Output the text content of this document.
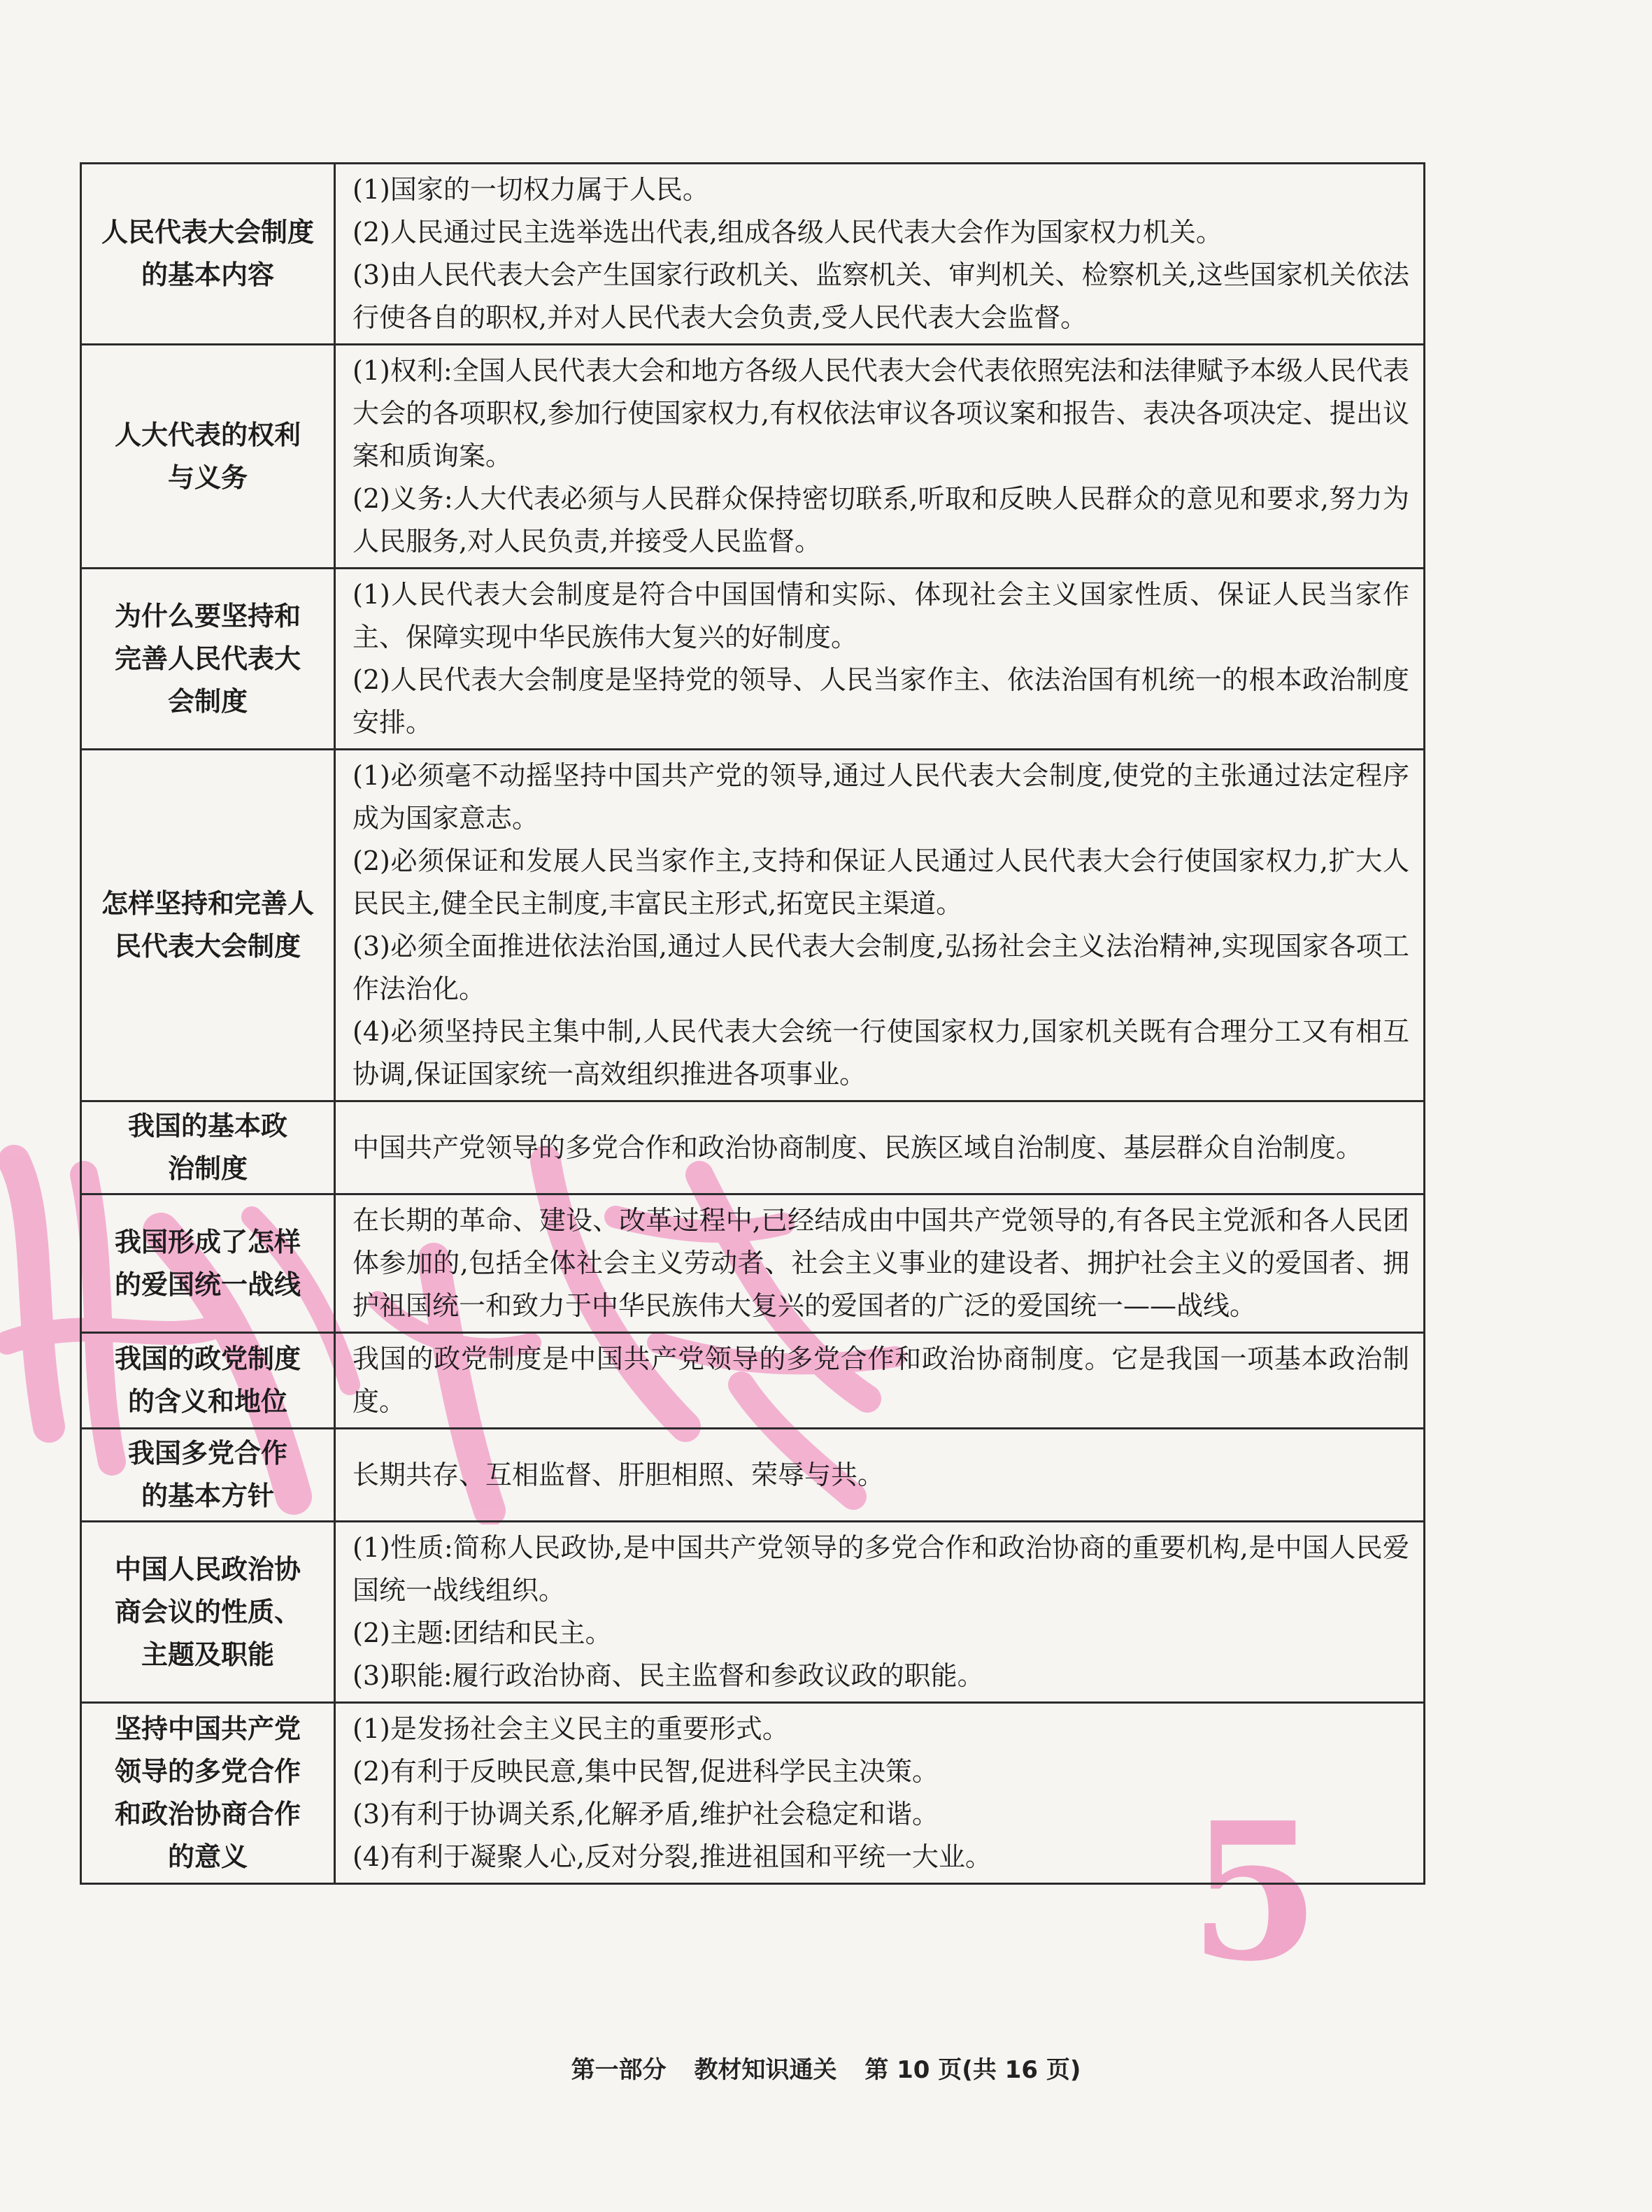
5
人民代表大会制度的基本内容	(1)国家的一切权力属于人民。
(2)人民通过民主选举选出代表,组成各级人民代表大会作为国家权力机关。
(3)由人民代表大会产生国家行政机关、监察机关、审判机关、检察机关,这些国家机关依法行使各自的职权,并对人民代表大会负责,受人民代表大会监督。

人大代表的权利与义务	(1)权利:全国人民代表大会和地方各级人民代表大会代表依照宪法和法律赋予本级人民代表大会的各项职权,参加行使国家权力,有权依法审议各项议案和报告、表决各项决定、提出议案和质询案。
(2)义务:人大代表必须与人民群众保持密切联系,听取和反映人民群众的意见和要求,努力为人民服务,对人民负责,并接受人民监督。

为什么要坚持和完善人民代表大会制度	(1)人民代表大会制度是符合中国国情和实际、体现社会主义国家性质、保证人民当家作主、保障实现中华民族伟大复兴的好制度。
(2)人民代表大会制度是坚持党的领导、人民当家作主、依法治国有机统一的根本政治制度安排。

怎样坚持和完善人民代表大会制度	(1)必须毫不动摇坚持中国共产党的领导,通过人民代表大会制度,使党的主张通过法定程序成为国家意志。
(2)必须保证和发展人民当家作主,支持和保证人民通过人民代表大会行使国家权力,扩大人民民主,健全民主制度,丰富民主形式,拓宽民主渠道。
(3)必须全面推进依法治国,通过人民代表大会制度,弘扬社会主义法治精神,实现国家各项工作法治化。
(4)必须坚持民主集中制,人民代表大会统一行使国家权力,国家机关既有合理分工又有相互协调,保证国家统一高效组织推进各项事业。

我国的基本政治制度	中国共产党领导的多党合作和政治协商制度、民族区域自治制度、基层群众自治制度。

我国形成了怎样的爱国统一战线	在长期的革命、建设、改革过程中,已经结成由中国共产党领导的,有各民主党派和各人民团体参加的,包括全体社会主义劳动者、社会主义事业的建设者、拥护社会主义的爱国者、拥护祖国统一和致力于中华民族伟大复兴的爱国者的广泛的爱国统一——战线。

我国的政党制度的含义和地位	我国的政党制度是中国共产党领导的多党合作和政治协商制度。它是我国一项基本政治制度。

我国多党合作的基本方针	长期共存、互相监督、肝胆相照、荣辱与共。

中国人民政治协商会议的性质、主题及职能	(1)性质:简称人民政协,是中国共产党领导的多党合作和政治协商的重要机构,是中国人民爱国统一战线组织。
(2)主题:团结和民主。
(3)职能:履行政治协商、民主监督和参政议政的职能。

坚持中国共产党领导的多党合作和政治协商合作的意义	(1)是发扬社会主义民主的重要形式。
(2)有利于反映民意,集中民智,促进科学民主决策。
(3)有利于协调关系,化解矛盾,维护社会稳定和谐。
(4)有利于凝聚人心,反对分裂,推进祖国和平统一大业。
第一部分 教材知识通关 第 10 页(共 16 页)
